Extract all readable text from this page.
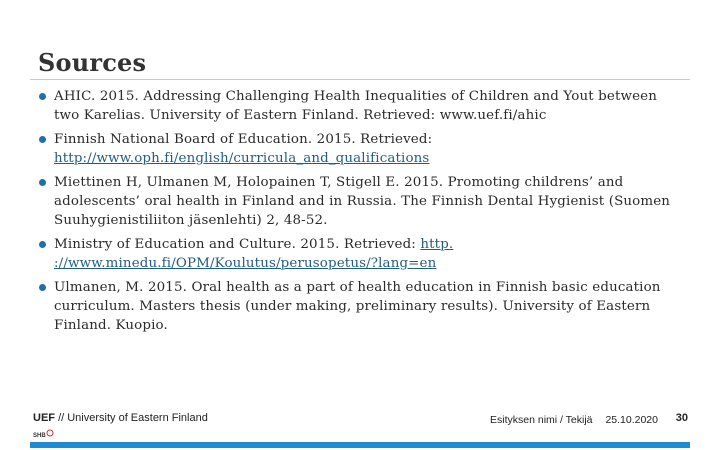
Sources
AHIC. 2015. Addressing Challenging Health Inequalities of Children and Yout between two Karelias. University of Eastern Finland. Retrieved: www.uef.fi/ahic
Finnish National Board of Education. 2015. Retrieved: http://www.oph.fi/english/curricula_and_qualifications
Miettinen H, Ulmanen M, Holopainen T, Stigell E. 2015. Promoting childrens’ and adolescents’ oral health in Finland and in Russia. The Finnish Dental Hygienist (Suomen Suuhygienistiliiton jäsenlehti) 2, 48-52.
Ministry of Education and Culture. 2015. Retrieved: http. ://www.minedu.fi/OPM/Koulutus/perusopetus/?lang=en
Ulmanen, M. 2015. Oral health as a part of health education in Finnish basic education curriculum. Masters thesis (under making, preliminary results). University of Eastern Finland. Kuopio.
UEF // University of Eastern Finland
SHB
Esityksen nimi / Tekijä 25.10.2020 30
